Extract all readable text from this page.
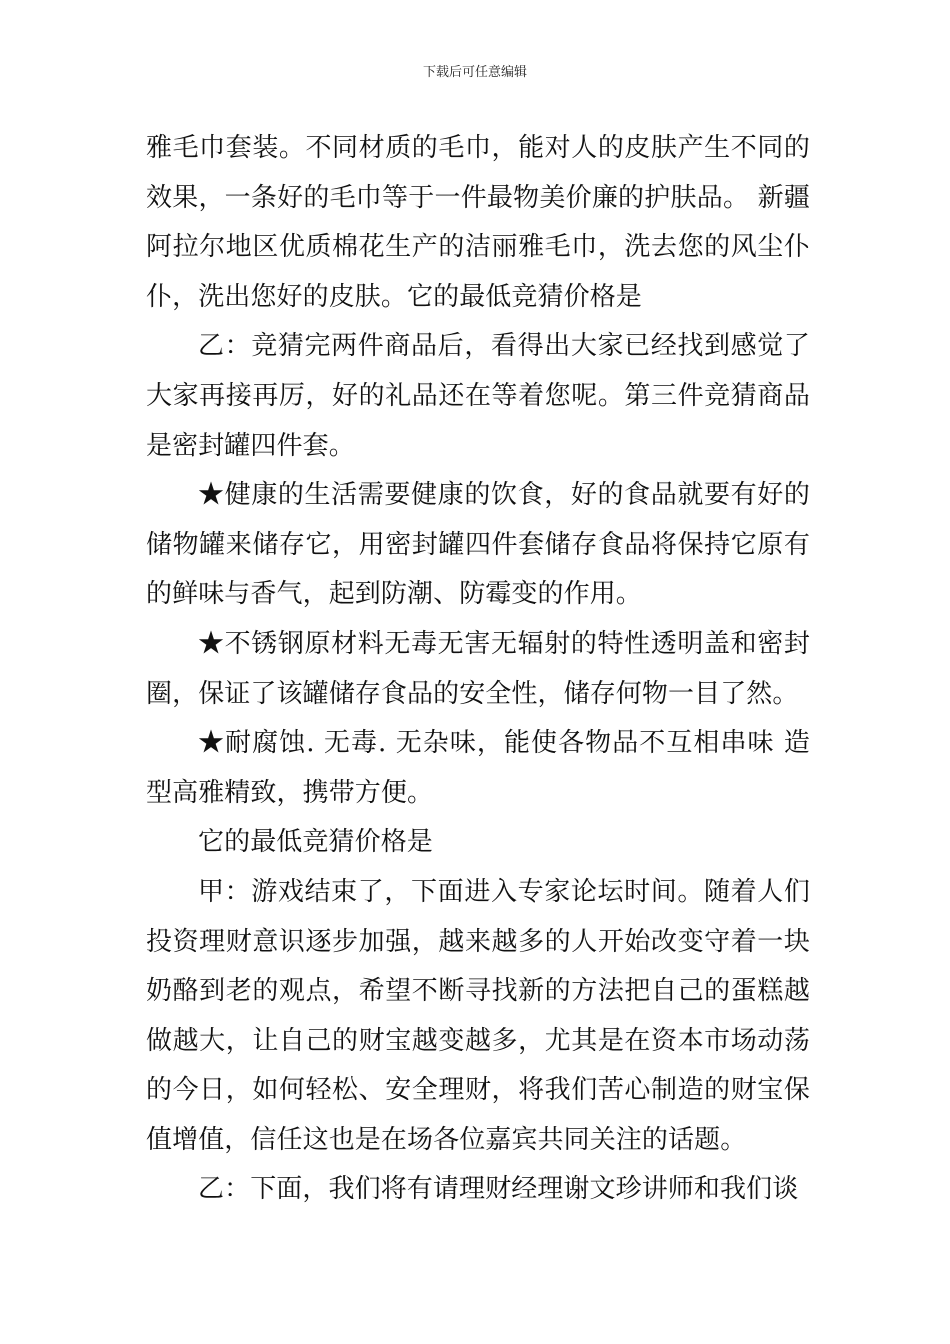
下载后可任意编辑

雅毛巾套装。不同材质的毛巾，能对人的皮肤产生不同的效果，一条好的毛巾等于一件最物美价廉的护肤品。 新疆阿拉尔地区优质棉花生产的洁丽雅毛巾，洗去您的风尘仆仆，洗出您好的皮肤。它的最低竞猜价格是

乙：竞猜完两件商品后，看得出大家已经找到感觉了大家再接再厉，好的礼品还在等着您呢。第三件竞猜商品是密封罐四件套。

★健康的生活需要健康的饮食，好的食品就要有好的储物罐来储存它，用密封罐四件套储存食品将保持它原有的鲜味与香气，起到防潮、防霉变的作用。

★不锈钢原材料无毒无害无辐射的特性透明盖和密封圈，保证了该罐储存食品的安全性，储存何物一目了然。

★耐腐蚀. 无毒. 无杂味，能使各物品不互相串味 造型高雅精致，携带方便。

它的最低竞猜价格是

甲：游戏结束了，下面进入专家论坛时间。随着人们投资理财意识逐步加强，越来越多的人开始改变守着一块奶酪到老的观点，希望不断寻找新的方法把自己的蛋糕越做越大，让自己的财宝越变越多，尤其是在资本市场动荡的今日，如何轻松、安全理财，将我们苦心制造的财宝保值增值，信任这也是在场各位嘉宾共同关注的话题。

乙：下面，我们将有请理财经理谢文珍讲师和我们谈
